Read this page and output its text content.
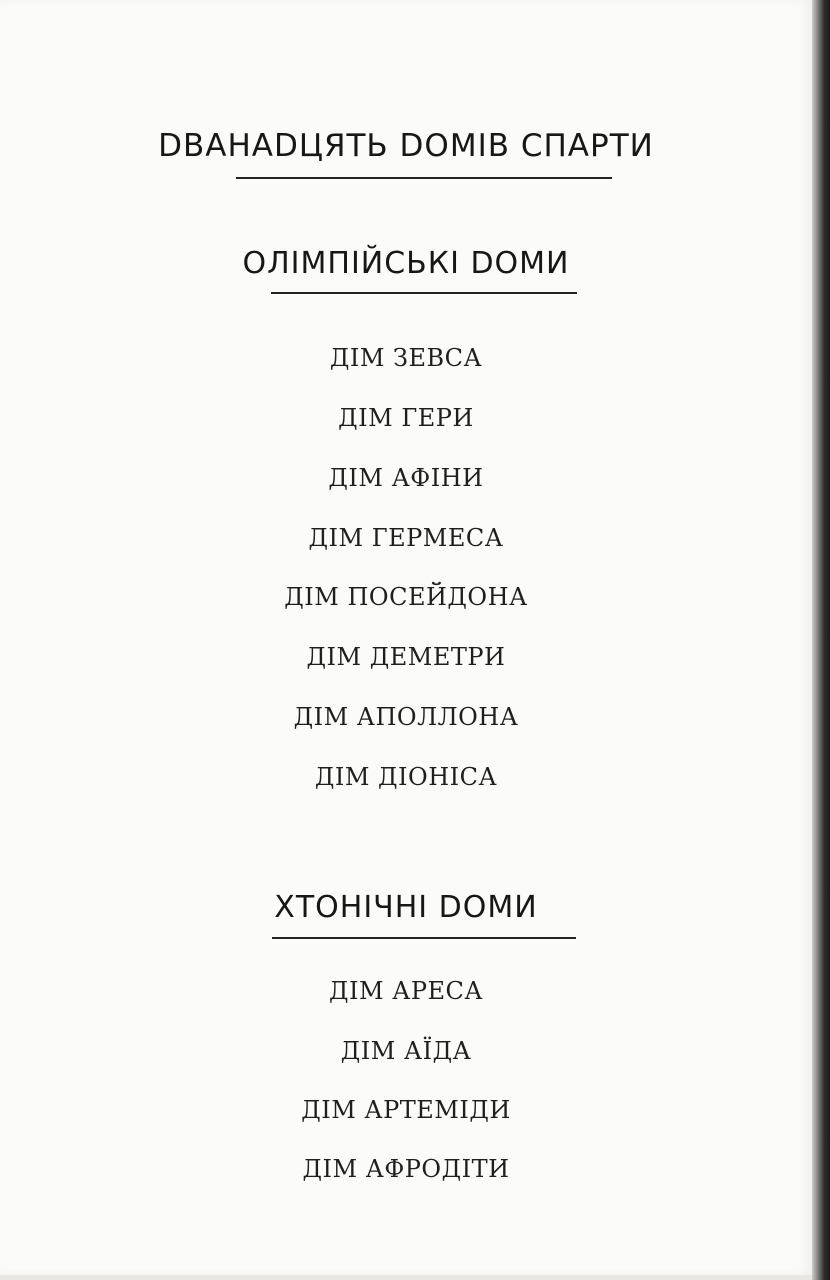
DВАНАDЦЯТЬ DОМІВ СПАРТИ
ОЛІМПІЙСЬКІ DОМИ
ДІМ ЗЕВСА
ДІМ ГЕРИ
ДІМ АФІНИ
ДІМ ГЕРМЕСА
ДІМ ПОСЕЙДОНА
ДІМ ДЕМЕТРИ
ДІМ АПОЛЛОНА
ДІМ ДІОНІСА
ХТОНІЧНІ DОМИ
ДІМ АРЕСА
ДІМ АЇДА
ДІМ АРТЕМІДИ
ДІМ АФРОДІТИ
